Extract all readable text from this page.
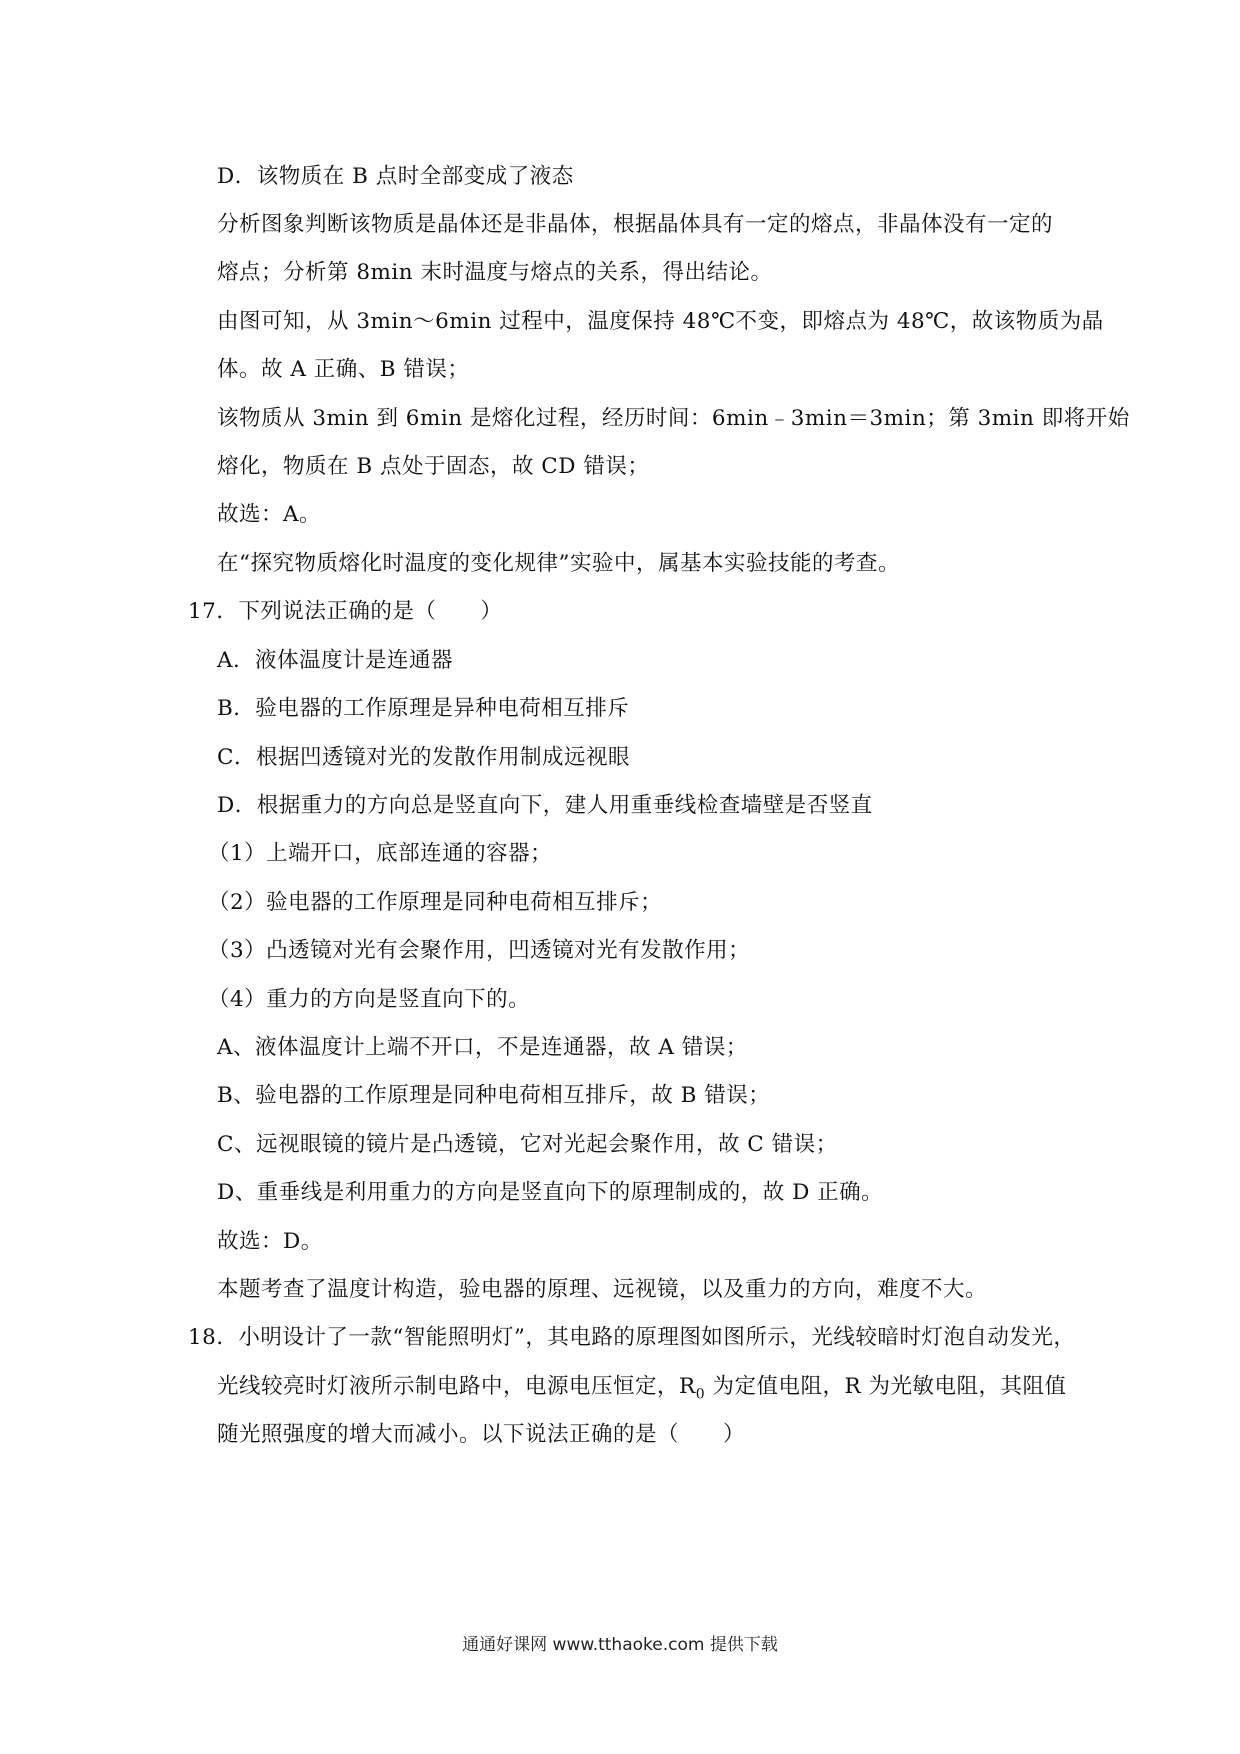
D．该物质在 B 点时全部变成了液态
分析图象判断该物质是晶体还是非晶体，根据晶体具有一定的熔点，非晶体没有一定的
熔点；分析第 8min 末时温度与熔点的关系，得出结论。
由图可知，从 3min～6min 过程中，温度保持 48℃不变，即熔点为 48℃，故该物质为晶
体。故 A 正确、B 错误；
该物质从 3min 到 6min 是熔化过程，经历时间：6min﹣3min＝3min；第 3min 即将开始
熔化，物质在 B 点处于固态，故 CD 错误；
故选：A。
在“探究物质熔化时温度的变化规律”实验中，属基本实验技能的考查。
17．下列说法正确的是（　　）
A．液体温度计是连通器
B．验电器的工作原理是异种电荷相互排斥
C．根据凹透镜对光的发散作用制成远视眼
D．根据重力的方向总是竖直向下，建人用重垂线检查墙壁是否竖直
（1）上端开口，底部连通的容器；
（2）验电器的工作原理是同种电荷相互排斥；
（3）凸透镜对光有会聚作用，凹透镜对光有发散作用；
（4）重力的方向是竖直向下的。
A、液体温度计上端不开口，不是连通器，故 A 错误；
B、验电器的工作原理是同种电荷相互排斥，故 B 错误；
C、远视眼镜的镜片是凸透镜，它对光起会聚作用，故 C 错误；
D、重垂线是利用重力的方向是竖直向下的原理制成的，故 D 正确。
故选：D。
本题考查了温度计构造，验电器的原理、远视镜，以及重力的方向，难度不大。
18．小明设计了一款“智能照明灯”，其电路的原理图如图所示，光线较暗时灯泡自动发光，
光线较亮时灯液所示制电路中，电源电压恒定，$R_0$ 为定值电阻，R 为光敏电阻，其阻值
随光照强度的增大而减小。以下说法正确的是（　　）
通通好课网 www.tthaoke.com 提供下载
